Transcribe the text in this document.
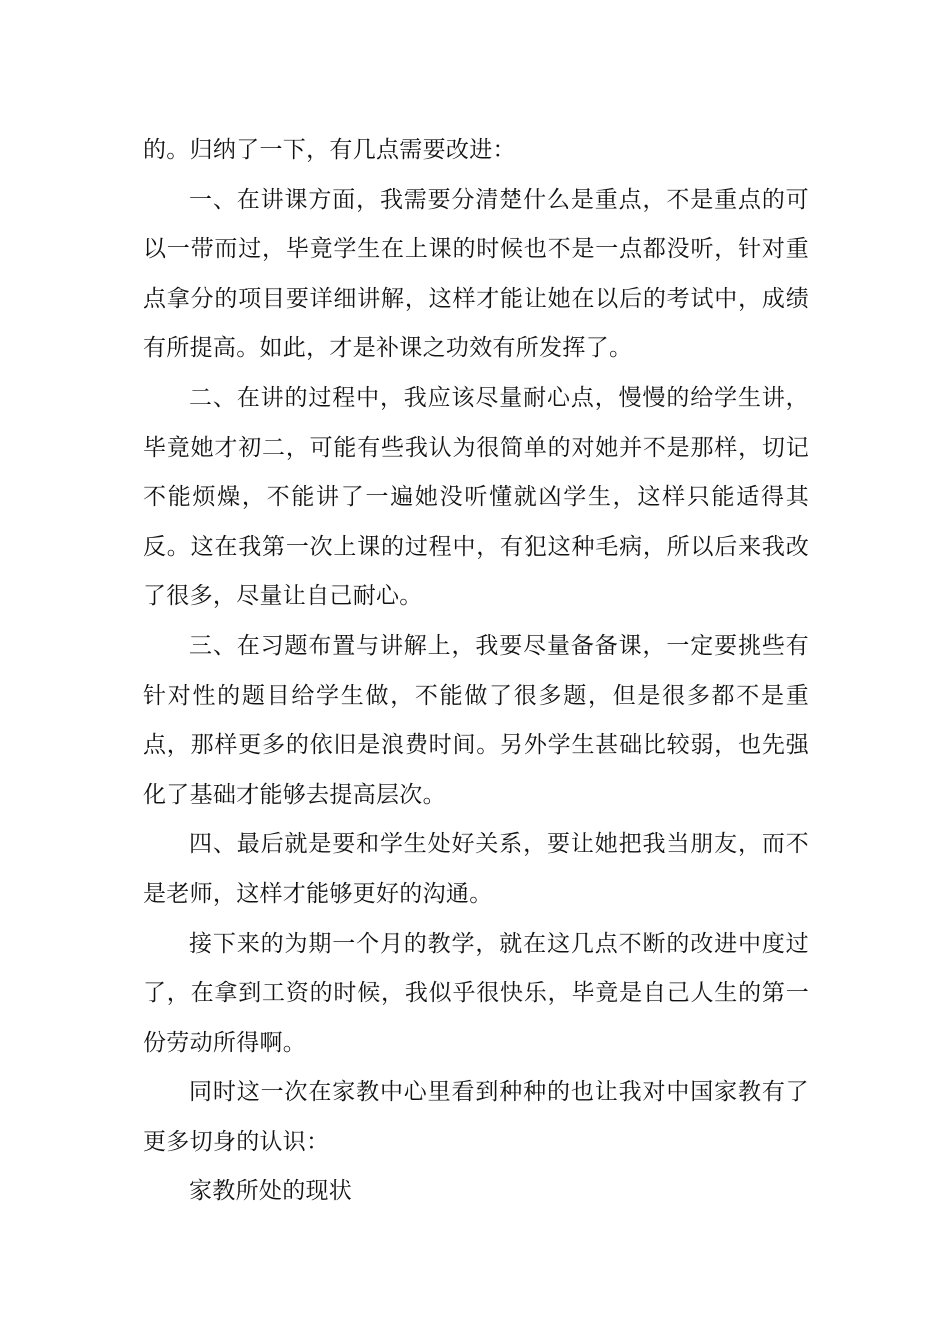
的。归纳了一下，有几点需要改进：

一、在讲课方面，我需要分清楚什么是重点，不是重点的可以一带而过，毕竟学生在上课的时候也不是一点都没听，针对重点拿分的项目要详细讲解，这样才能让她在以后的考试中，成绩有所提高。如此，才是补课之功效有所发挥了。

二、在讲的过程中，我应该尽量耐心点，慢慢的给学生讲，毕竟她才初二，可能有些我认为很简单的对她并不是那样，切记不能烦燥，不能讲了一遍她没听懂就凶学生，这样只能适得其反。这在我第一次上课的过程中，有犯这种毛病，所以后来我改了很多，尽量让自己耐心。

三、在习题布置与讲解上，我要尽量备备课，一定要挑些有针对性的题目给学生做，不能做了很多题，但是很多都不是重点，那样更多的依旧是浪费时间。另外学生甚础比较弱，也先强化了基础才能够去提高层次。

四、最后就是要和学生处好关系，要让她把我当朋友，而不是老师，这样才能够更好的沟通。

接下来的为期一个月的教学，就在这几点不断的改进中度过了，在拿到工资的时候，我似乎很快乐，毕竟是自己人生的第一份劳动所得啊。

同时这一次在家教中心里看到种种的也让我对中国家教有了更多切身的认识：

家教所处的现状
